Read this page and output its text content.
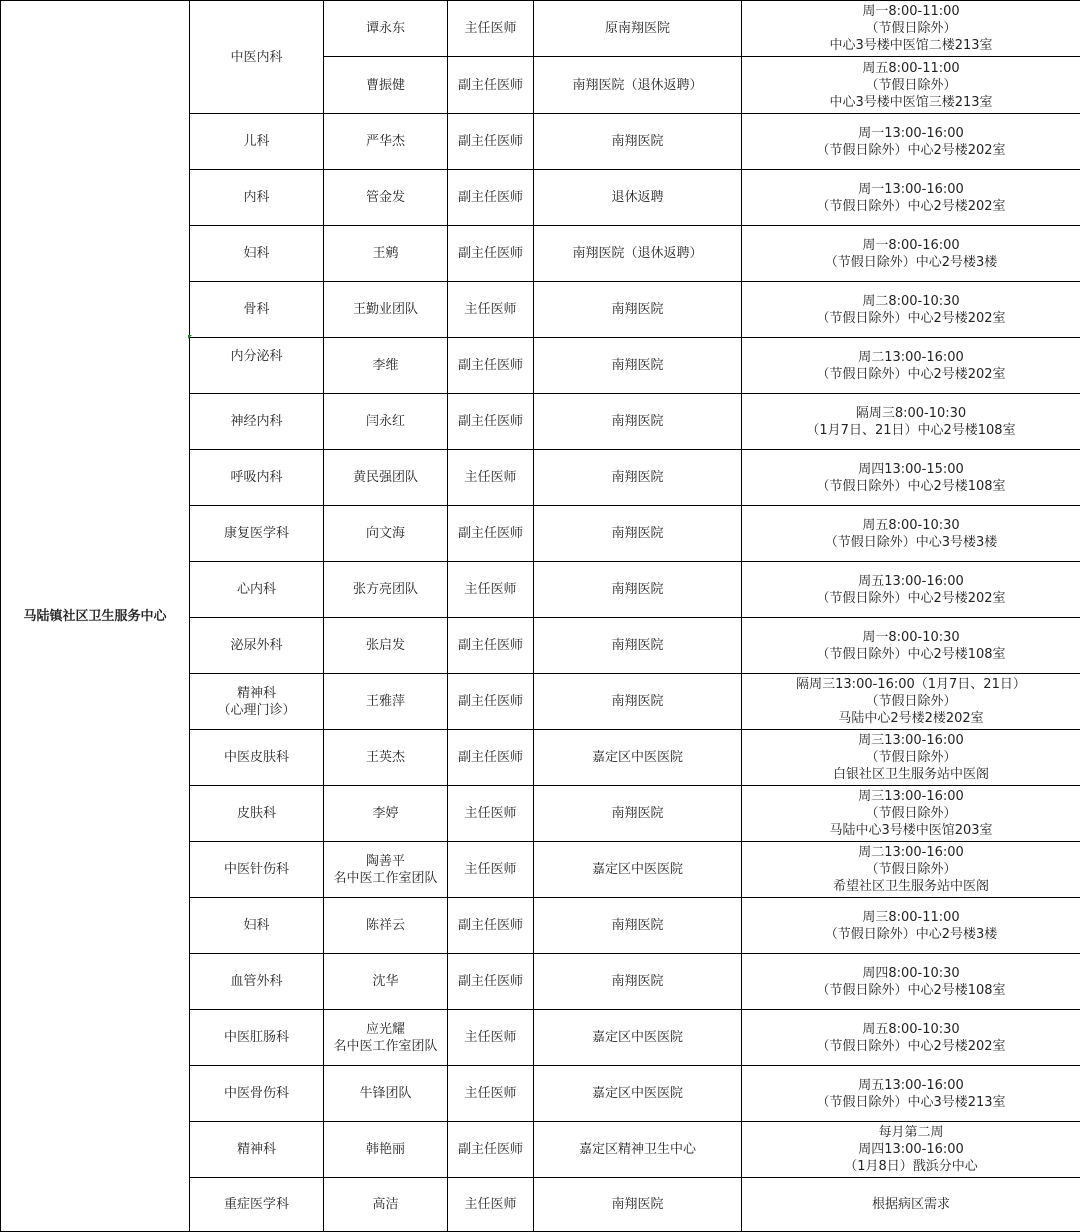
马陆镇社区卫生服务中心	中医内科	谭永东	主任医师	原南翔医院	周一8:00-11:00
（节假日除外）
中心3号楼中医馆二楼213室

		曹振健	副主任医师	南翔医院（退休返聘）	周五8:00-11:00
（节假日除外）
中心3号楼中医馆三楼213室

	儿科	严华杰	副主任医师	南翔医院	周一13:00-16:00
（节假日除外）中心2号楼202室

	内科	管金发	副主任医师	退休返聘	周一13:00-16:00
（节假日除外）中心2号楼202室

	妇科	王鹓	副主任医师	南翔医院（退休返聘）	周一8:00-16:00
（节假日除外）中心2号楼3楼

	骨科	王勤业团队	主任医师	南翔医院	周二8:00-10:30
（节假日除外）中心2号楼202室

	内分泌科	李维	副主任医师	南翔医院	周二13:00-16:00
（节假日除外）中心2号楼202室

	神经内科	闫永红	副主任医师	南翔医院	隔周三8:00-10:30
（1月7日、21日）中心2号楼108室

	呼吸内科	黄民强团队	主任医师	南翔医院	周四13:00-15:00
（节假日除外）中心2号楼108室

	康复医学科	向文海	副主任医师	南翔医院	周五8:00-10:30
（节假日除外）中心3号楼3楼

	心内科	张方亮团队	主任医师	南翔医院	周五13:00-16:00
（节假日除外）中心2号楼202室

	泌尿外科	张启发	副主任医师	南翔医院	周一8:00-10:30
（节假日除外）中心2号楼108室

	精神科
（心理门诊）	王雅萍	副主任医师	南翔医院	隔周三13:00-16:00（1月7日、21日）
（节假日除外）
马陆中心2号楼2楼202室

	中医皮肤科	王英杰	副主任医师	嘉定区中医医院	周三13:00-16:00
（节假日除外）
白银社区卫生服务站中医阁

	皮肤科	李婷	主任医师	南翔医院	周三13:00-16:00
（节假日除外）
马陆中心3号楼中医馆203室

	中医针伤科	陶善平
名中医工作室团队	主任医师	嘉定区中医医院	周二13:00-16:00
（节假日除外）
希望社区卫生服务站中医阁

	妇科	陈祥云	副主任医师	南翔医院	周三8:00-11:00
（节假日除外）中心2号楼3楼

	血管外科	沈华	副主任医师	南翔医院	周四8:00-10:30
（节假日除外）中心2号楼108室

	中医肛肠科	应光耀
名中医工作室团队	主任医师	嘉定区中医医院	周五8:00-10:30
（节假日除外）中心2号楼202室

	中医骨伤科	牛锋团队	主任医师	嘉定区中医医院	周五13:00-16:00
（节假日除外）中心3号楼213室

	精神科	韩艳丽	副主任医师	嘉定区精神卫生中心	每月第二周
周四13:00-16:00
（1月8日）戬浜分中心

	重症医学科	高洁	主任医师	南翔医院	根据病区需求
